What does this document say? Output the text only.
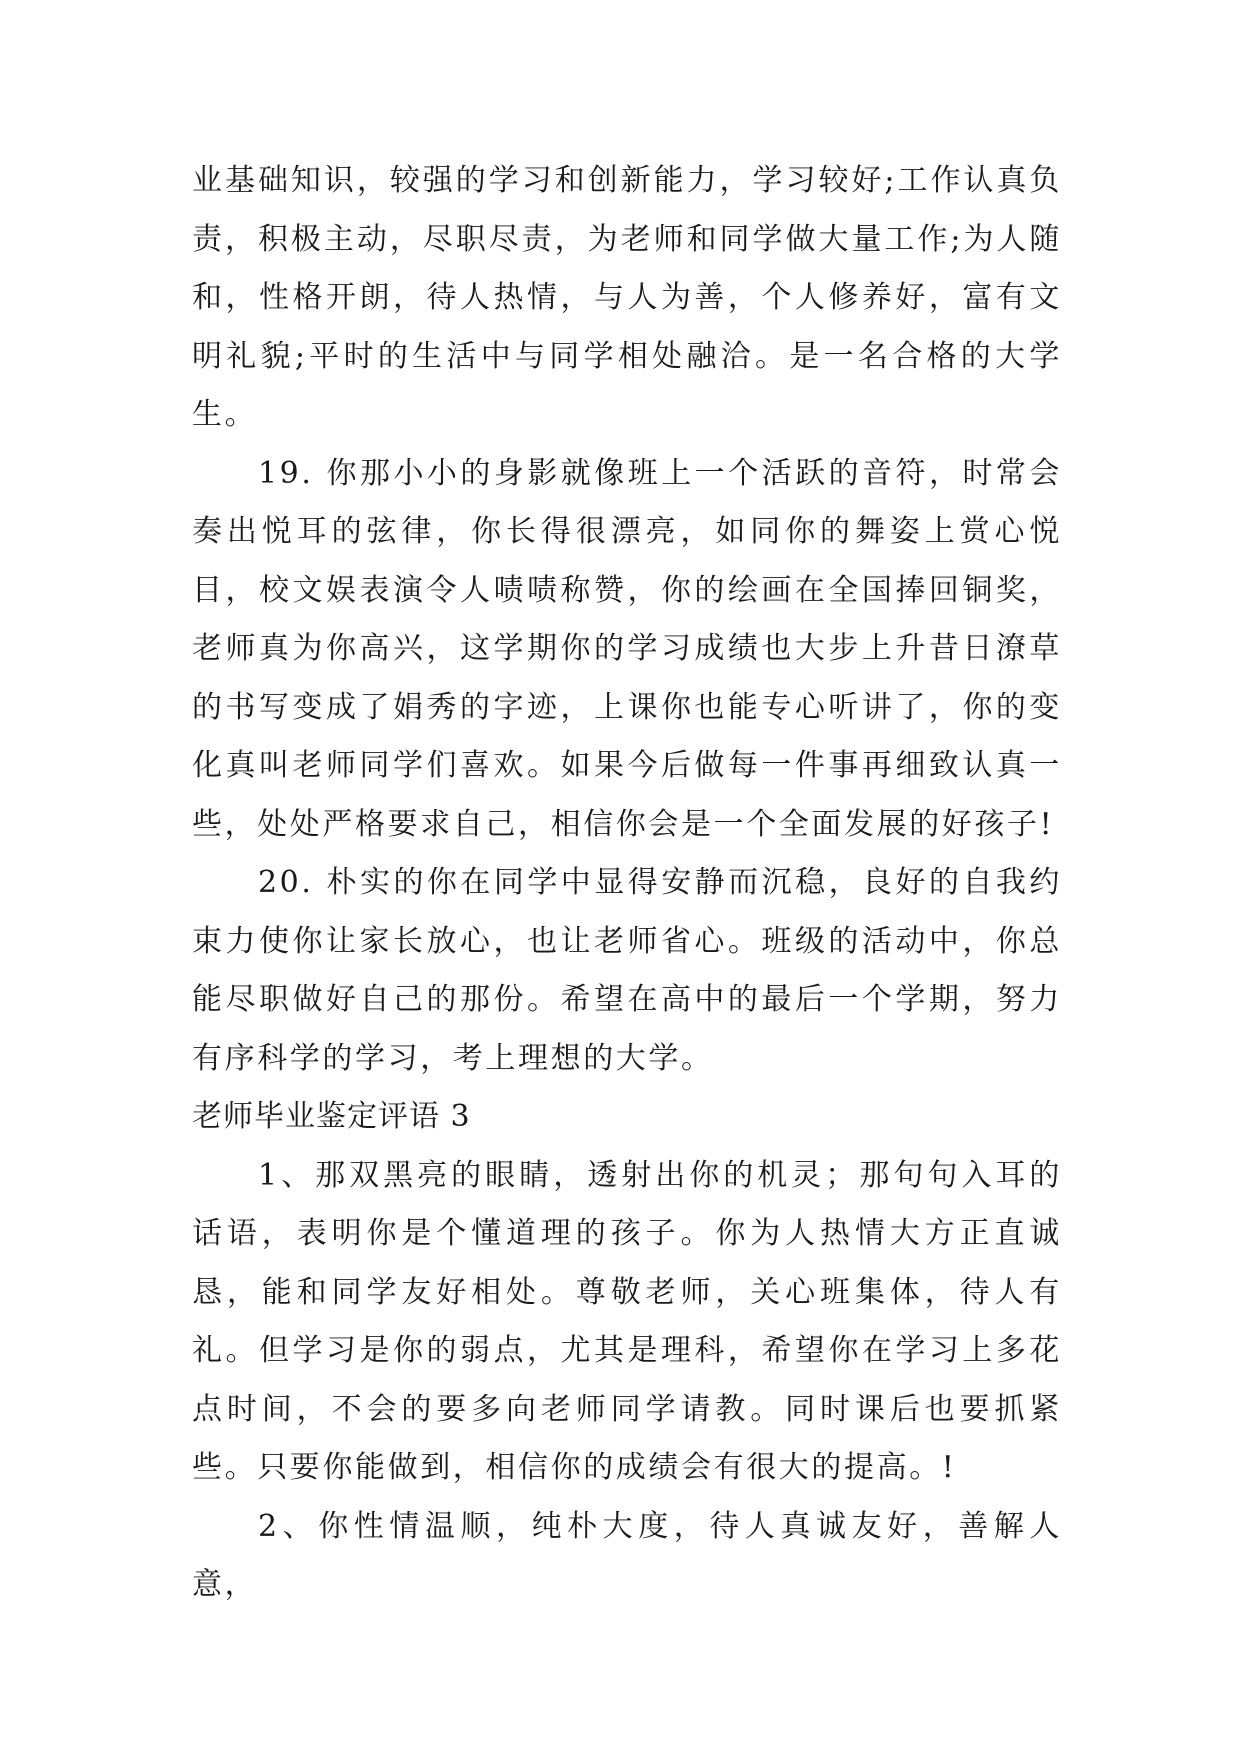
业基础知识，较强的学习和创新能力，学习较好;工作认真负责，积极主动，尽职尽责，为老师和同学做大量工作;为人随和，性格开朗，待人热情，与人为善，个人修养好，富有文明礼貌;平时的生活中与同学相处融洽。是一名合格的大学生。

19. 你那小小的身影就像班上一个活跃的音符，时常会奏出悦耳的弦律，你长得很漂亮，如同你的舞姿上赏心悦目，校文娱表演令人啧啧称赞，你的绘画在全国捧回铜奖，老师真为你高兴，这学期你的学习成绩也大步上升昔日潦草的书写变成了娟秀的字迹，上课你也能专心听讲了，你的变化真叫老师同学们喜欢。如果今后做每一件事再细致认真一些，处处严格要求自己，相信你会是一个全面发展的好孩子!

20. 朴实的你在同学中显得安静而沉稳，良好的自我约束力使你让家长放心，也让老师省心。班级的活动中，你总能尽职做好自己的那份。希望在高中的最后一个学期，努力有序科学的学习，考上理想的大学。

老师毕业鉴定评语 3

1、那双黑亮的眼睛，透射出你的机灵；那句句入耳的话语，表明你是个懂道理的孩子。你为人热情大方正直诚恳，能和同学友好相处。尊敬老师，关心班集体，待人有礼。但学习是你的弱点，尤其是理科，希望你在学习上多花点时间，不会的要多向老师同学请教。同时课后也要抓紧些。只要你能做到，相信你的成绩会有很大的提高。!

2、你性情温顺，纯朴大度，待人真诚友好，善解人意，
